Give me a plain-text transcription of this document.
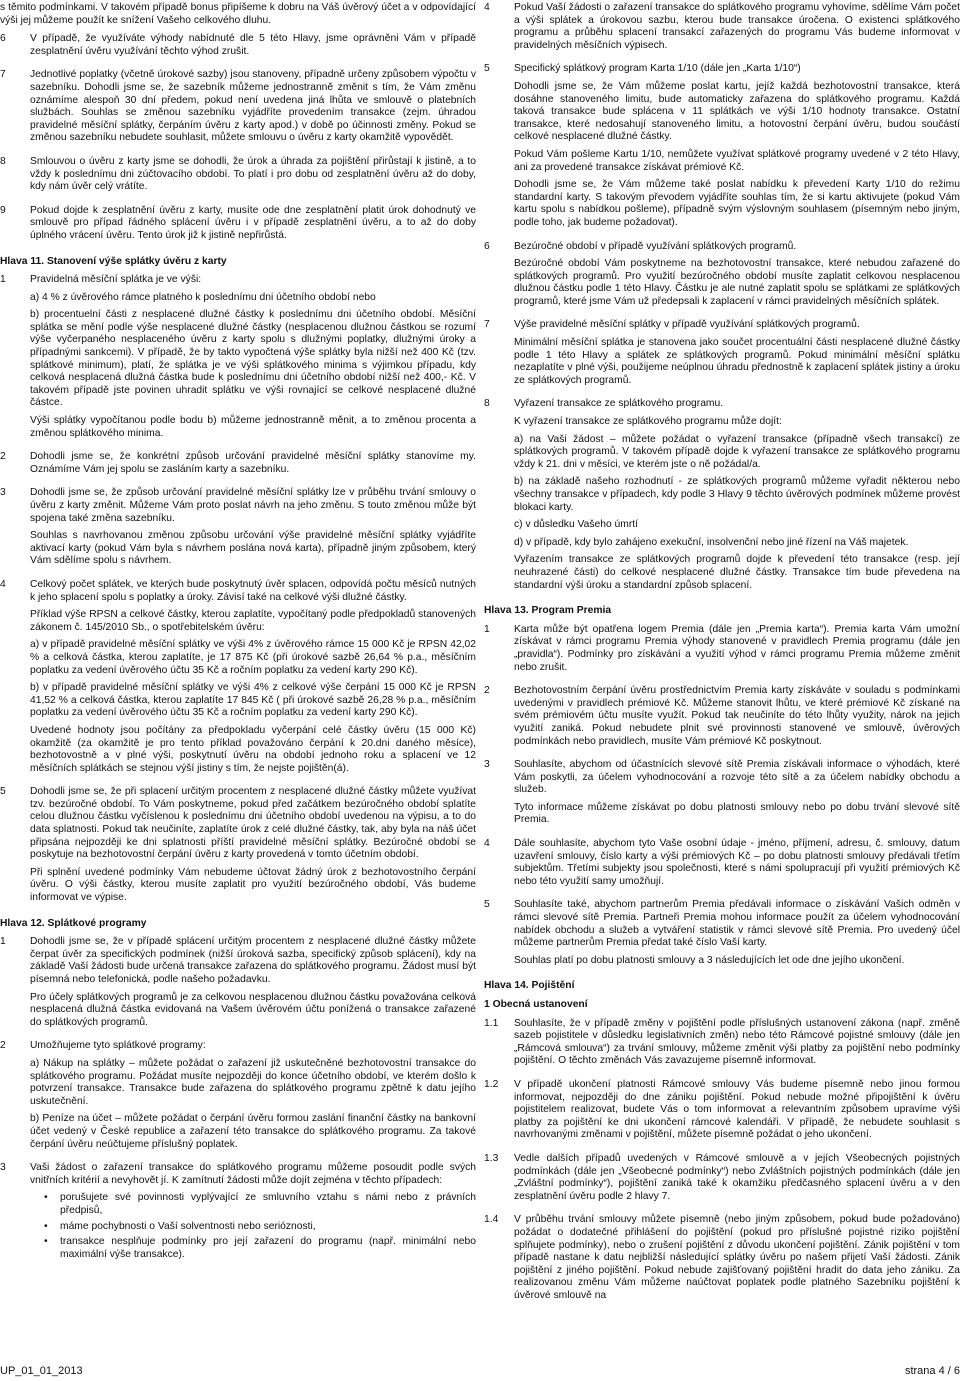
s těmito podmínkami. V takovém případě bonus připíšeme k dobru na Váš úvěrový účet a v odpovídající výši jej můžeme použít ke snížení Vašeho celkového dluhu.

6	V případě, že využíváte výhody nabídnuté dle 5 této Hlavy, jsme oprávněni Vám v případě zesplatnění úvěru využívání těchto výhod zrušit.

7	Jednotlivé poplatky (včetně úrokové sazby) jsou stanoveny, případně určeny způsobem výpočtu v sazebníku. Dohodli jsme se, že sazebník můžeme jednostranně změnit s tím, že Vám změnu oznámíme alespoň 30 dní předem, pokud není uvedena jiná lhůta ve smlouvě o platebních službách. Souhlas se změnou sazebníku vyjádříte provedením transakce (zejm. úhradou pravidelné měsíční splátky, čerpáním úvěru z karty apod.) v době po účinnosti změny. Pokud se změnou sazebníku nebudete souhlasit, můžete smlouvu o úvěru z karty okamžitě vypovědět.

8	Smlouvou o úvěru z karty jsme se dohodli, že úrok a úhrada za pojištění přirůstají k jistině, a to vždy k poslednímu dni zúčtovacího období. To platí i pro dobu od zesplatnění úvěru až do doby, kdy nám úvěr celý vrátíte.

9	Pokud dojde k zesplatnění úvěru z karty, musíte ode dne zesplatnění platit úrok dohodnutý ve smlouvě pro případ řádného splácení úvěru i v případě zesplatnění úvěru, a to až do doby úplného vrácení úvěru. Tento úrok již k jistině nepřirůstá.

Hlava 11. Stanovení výše splátky úvěru z karty
1	Pravidelná měsíční splátka je ve výši:

a) 4 % z úvěrového rámce platného k poslednímu dni účetního období nebo

b) procentuelní části z nesplacené dlužné částky k poslednímu dni účetního období. Měsíční splátka se mění podle výše nesplacené dlužné částky (nesplacenou dlužnou částkou se rozumí výše vyčerpaného nesplaceného úvěru z karty spolu s dlužnými poplatky, dlužnými úroky a případnými sankcemi). V případě, že by takto vypočtená výše splátky byla nižší než 400 Kč (tzv. splátkové minimum), platí, že splátka je ve výši splátkového minima s výjimkou případu, kdy celková nesplacená dlužná částka bude k poslednímu dni účetního období nižší než 400,- Kč. V takovém případě jste povinen uhradit splátku ve výši rovnající se celkové nesplacené dlužné částce.

Výši splátky vypočítanou podle bodu b) můžeme jednostranně měnit, a to změnou procenta a změnou splátkového minima.

2	Dohodli jsme se, že konkrétní způsob určování pravidelné měsíční splátky stanovíme my. Oznámíme Vám jej spolu se zasláním karty a sazebníku.

3	Dohodli jsme se, že způsob určování pravidelné měsíční splátky lze v průběhu trvání smlouvy o úvěru z karty změnit. Můžeme Vám proto poslat návrh na jeho změnu. S touto změnou může být spojena také změna sazebníku.

Souhlas s navrhovanou změnou způsobu určování výše pravidelné měsíční splátky vyjádříte aktivací karty (pokud Vám byla s návrhem poslána nová karta), případně jiným způsobem, který Vám sdělíme spolu s návrhem.

4	Celkový počet splátek, ve kterých bude poskytnutý úvěr splacen, odpovídá počtu měsíců nutných k jeho splacení spolu s poplatky a úroky. Závisí také na celkové výši dlužné částky.

Příklad výše RPSN a celkové částky, kterou zaplatíte, vypočítaný podle předpokladů stanovených zákonem č. 145/2010 Sb., o spotřebitelském úvěru:

a) v případě pravidelné měsíční splátky ve výši 4% z úvěrového rámce 15 000 Kč je RPSN 42,02 % a celková částka, kterou zaplatíte, je 17 875 Kč (při úrokové sazbě 26,64 % p.a., měsíčním poplatku za vedení úvěrového účtu 35 Kč a ročním poplatku za vedení karty 290 Kč).

b) v případě pravidelné měsíční splátky ve výši 4% z celkové výše čerpání 15 000 Kč je RPSN 41,52 % a celková částka, kterou zaplatíte 17 845 Kč ( při úrokové sazbě 26,28 % p.a., měsíčním poplatku za vedení úvěrového účtu 35 Kč a ročním poplatku za vedení karty 290 Kč).

Uvedené hodnoty jsou počítány za předpokladu vyčerpání celé částky úvěru (15 000 Kč) okamžitě (za okamžitě je pro tento příklad považováno čerpání k 20.dni daného měsíce), bezhotovostně a v plné výši, poskytnutí úvěru na období jednoho roku a splacení ve 12 měsíčních splátkách se stejnou výší jistiny s tím, že nejste pojištěn(á).

5	Dohodli jsme se, že při splacení určitým procentem z nesplacené dlužné částky můžete využívat tzv. bezúročné období. To Vám poskytneme, pokud před začátkem bezúročného období splatíte celou dlužnou částku vyčíslenou k poslednímu dni účetního období uvedenou na výpisu, a to do data splatnosti. Pokud tak neučiníte, zaplatíte úrok z celé dlužné částky, tak, aby byla na náš účet připsána nejpozději ke dni splatnosti příští pravidelné měsíční splátky. Bezúročné období se poskytuje na bezhotovostní čerpání úvěru z karty provedená v tomto účetním období.

Při splnění uvedené podmínky Vám nebudeme účtovat žádný úrok z bezhotovostního čerpání úvěru. O výši částky, kterou musíte zaplatit pro využití bezúročného období, Vás budeme informovat ve výpise.

Hlava 12. Splátkové programy
1	Dohodli jsme se, že v případě splácení určitým procentem z nesplacené dlužné částky můžete čerpat úvěr za specifických podmínek (nižší úroková sazba, specifický způsob splácení), kdy na základě Vaší žádosti bude určená transakce zařazena do splátkového programu. Žádost musí být písemná nebo telefonická, podle našeho požadavku.

Pro účely splátkových programů je za celkovou nesplacenou dlužnou částku považována celková nesplacená dlužná částka evidovaná na Vašem úvěrovém účtu ponížená o transakce zařazené do splátkových programů.

2	Umožňujeme tyto splátkové programy:

a) Nákup na splátky – můžete požádat o zařazení již uskutečněné bezhotovostní transakce do splátkového programu. Požádat musíte nejpozději do konce účetního období, ve kterém došlo k potvrzení transakce. Transakce bude zařazena do splátkového programu zpětně k datu jejího uskutečnění.

b) Peníze na účet – můžete požádat o čerpání úvěru formou zaslání finanční částky na bankovní účet vedený v České republice a zařazení této transakce do splátkového programu. Za takové čerpání úvěru neúčtujeme příslušný poplatek.

3	Vaši žádost o zařazení transakce do splátkového programu můžeme posoudit podle svých vnitřních kritérií a nevyhovět jí. K zamítnutí žádosti může dojít zejména v těchto případech:

• porušujete své povinnosti vyplývající ze smluvního vztahu s námi nebo z právních předpisů,
• máme pochybnosti o Vaší solventnosti nebo serióznosti,
• transakce nesplňuje podmínky pro její zařazení do programu (např. minimální nebo maximální výše transakce).
4	Pokud Vaší žádosti o zařazení transakce do splátkového programu vyhovíme, sdělíme Vám počet a výši splátek a úrokovou sazbu, kterou bude transakce úročena. O existenci splátkového programu a průběhu splacení transakcí zařazených do programu Vás budeme informovat v pravidelných měsíčních výpisech.

5	Specifický splátkový program Karta 1/10 (dále jen „Karta 1/10“)

Dohodli jsme se, že Vám můžeme poslat kartu, jejíž každá bezhotovostní transakce, která dosáhne stanoveného limitu, bude automaticky zařazena do splátkového programu. Každá taková transakce bude splácena v 11 splátkách ve výši 1/10 hodnoty transakce. Ostatní transakce, které nedosahují stanoveného limitu, a hotovostní čerpání úvěru, budou součástí celkové nesplacené dlužné částky.

Pokud Vám pošleme Kartu 1/10, nemůžete využívat splátkové programy uvedené v 2 této Hlavy, ani za provedené transakce získávat prémiové Kč.

Dohodli jsme se, že Vám můžeme také poslat nabídku k převedení Karty 1/10 do režimu standardní karty. S takovým převodem vyjádříte souhlas tím, že si kartu aktivujete (pokud Vám kartu spolu s nabídkou pošleme), případně svým výslovným souhlasem (písemným nebo jiným, podle toho, jak budeme požadovat).

6	Bezúročné období v případě využívání splátkových programů.

Bezúročné období Vám poskytneme na bezhotovostní transakce, které nebudou zařazené do splátkových programů. Pro využití bezúročného období musíte zaplatit celkovou nesplacenou dlužnou částku podle 1 této Hlavy. Částku je ale nutné zaplatit spolu se splátkami ze splátkových programů, které jsme Vám už předepsali k zaplacení v rámci pravidelných měsíčních splátek.

7	Výše pravidelné měsíční splátky v případě využívání splátkových programů.

Minimální měsíční splátka je stanovena jako součet procentuální části nesplacené dlužné částky podle 1 této Hlavy a splátek ze splátkových programů. Pokud minimální měsíční splátku nezaplatíte v plné výši, použijeme neúplnou úhradu přednostně k zaplacení splátek jistiny a úroku ze splátkových programů.

8	Vyřazení transakce ze splátkového programu.

K vyřazení transakce ze splátkového programu může dojít:

a) na Vaši žádost – můžete požádat o vyřazení transakce (případně všech transakcí) ze splátkových programů. V takovém případě dojde k vyřazení transakce ze splátkového programu vždy k 21. dni v měsíci, ve kterém jste o ně požádal/a.

b) na základě našeho rozhodnutí - ze splátkových programů můžeme vyřadit některou nebo všechny transakce v případech, kdy podle 3 Hlavy 9 těchto úvěrových podmínek můžeme provést blokaci karty.

c) v důsledku Vašeho úmrtí

d) v případě, kdy bylo zahájeno exekuční, insolvenční nebo jiné řízení na Váš majetek.

Vyřazením transakce ze splátkových programů dojde k převedení této transakce (resp. její neuhrazené části) do celkové nesplacené dlužné částky. Transakce tím bude převedena na standardní výši úroku a standardní způsob splacení.

Hlava 13. Program Premia
1	Karta může být opatřena logem Premia (dále jen „Premia karta“). Premia karta Vám umožní získávat v rámci programu Premia výhody stanovené v pravidlech Premia programu (dále jen „pravidla“). Podmínky pro získávání a využití výhod v rámci programu Premia můžeme změnit nebo zrušit.

2	Bezhotovostním čerpání úvěru prostřednictvím Premia karty získáváte v souladu s podmínkami uvedenými v pravidlech prémiové Kč. Můžeme stanovit lhůtu, ve které prémiové Kč získané na svém prémiovém účtu musíte využít. Pokud tak neučiníte do této lhůty využity, nárok na jejich využití zaniká. Pokud nebudete plnit své provinnosti stanovené ve smlouvě, úvěrových podmínkách nebo pravidlech, musíte Vám prémiové Kč poskytnout.

3	Souhlasíte, abychom od účastnících slevové sítě Premia získávali informace o výhodách, které Vám poskytli, za účelem vyhodnocování a rozvoje této sítě a za účelem nabídky obchodu a služeb.

Tyto informace můžeme získávat po dobu platnosti smlouvy nebo po dobu trvání slevové sítě Premia.

4	Dále souhlasíte, abychom tyto Vaše osobní údaje - jméno, příjmení, adresu, č. smlouvy, datum uzavření smlouvy, číslo karty a výši prémiových Kč – po dobu platnosti smlouvy předávali třetím subjektům. Třetími subjekty jsou společnosti, které s námi spolupracují při využití prémiových Kč nebo této využití samy umožňují.

5	Souhlasíte také, abychom partnerům Premia předávali informace o získávání Vašich odměn v rámci slevové sítě Premia. Partneři Premia mohou informace použít za účelem vyhodnocování nabídek obchodu a služeb a vytváření statistik v rámci slevové sítě Premia. Pro uvedený účel můžeme partnerům Premia předat také číslo Vaší karty.

Souhlas platí po dobu platnosti smlouvy a 3 následujících let ode dne jejího ukončení.

Hlava 14. Pojištění
1 Obecná ustanovení
1.1	Souhlasíte, že v případě změny v pojištění podle příslušných ustanovení zákona (např. změně sazeb pojistitele v důsledku legislativních změn) nebo této Rámcové pojistné smlouvy (dále jen „Rámcová smlouva“) za trvání smlouvy, můžeme změnit výši platby za pojištění nebo podmínky pojištění. O těchto změnách Vás zavazujeme písemně informovat.

1.2	V případě ukončení platnosti Rámcové smlouvy Vás budeme písemně nebo jinou formou informovat, nejpozději do dne zániku pojištění. Pokud nebude možné připojištění k úvěru pojistitelem realizovat, budete Vás o tom informovat a relevantním způsobem upravíme výši platby za pojištění ke dni ukončení rámcové kalendáři. V případě, že nebudete souhlasit s navrhovanými změnami v pojištění, můžete písemně požádat o jeho ukončení.

1.3	Vedle dalších případů uvedených v Rámcové smlouvě a v jejích Všeobecných pojistných podmínkách (dále jen „Všeobecné podmínky“) nebo Zvláštních pojistných podmínkách (dále jen „Zvláštní podmínky“), pojištění zaniká také k okamžiku předčasného splacení úvěru a v den zesplatnění úvěru podle 2 hlavy 7.

1.4	V průběhu trvání smlouvy můžete písemně (nebo jiným způsobem, pokud bude požadováno) požádat o dodatečné přihlášení do pojištění (pokud pro příslušné pojistné riziko pojištění splňujete podmínky), nebo o zrušení pojištění z důvodu ukončení pojištění. Zánik pojištění v tom případě nastane k datu nejbližší následující splátky úvěru po našem přijetí Vaší žádosti. Zánik pojištění z jiného pojištění. Pokud nebude zajišťovaný pojištění hradit do data jeho zániku. Za realizovanou změnu Vám můžeme naúčtovat poplatek podle platného Sazebníku pojištění k úvěrové smlouvě na

UP_01_01_2013	strana 4 / 6
